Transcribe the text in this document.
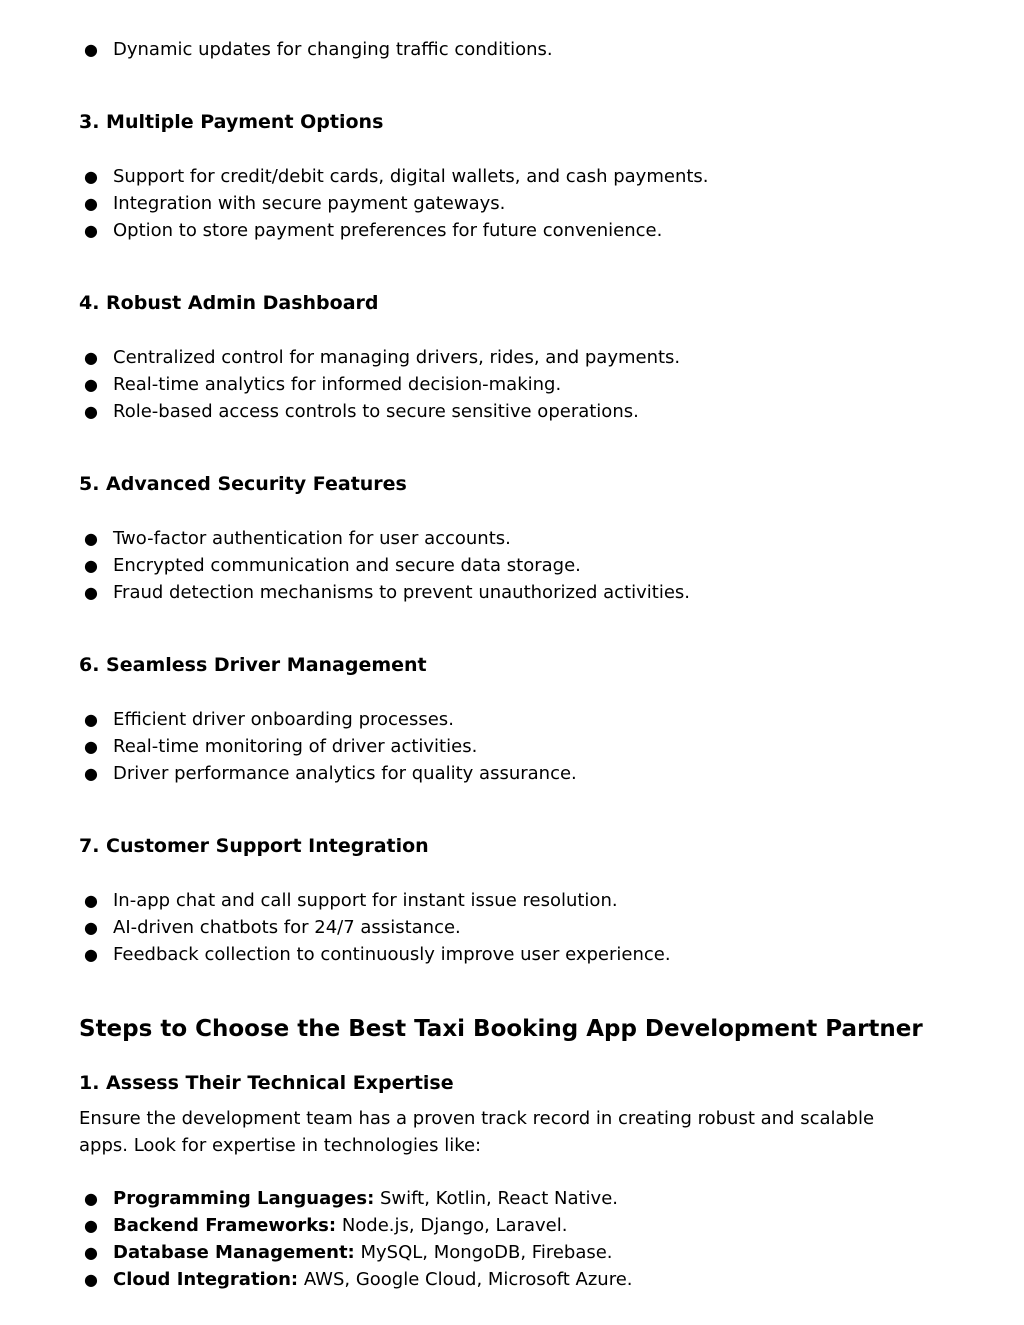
● Dynamic updates for changing traffic conditions.
3. Multiple Payment Options
● Support for credit/debit cards, digital wallets, and cash payments.
● Integration with secure payment gateways.
● Option to store payment preferences for future convenience.
4. Robust Admin Dashboard
● Centralized control for managing drivers, rides, and payments.
● Real-time analytics for informed decision-making.
● Role-based access controls to secure sensitive operations.
5. Advanced Security Features
● Two-factor authentication for user accounts.
● Encrypted communication and secure data storage.
● Fraud detection mechanisms to prevent unauthorized activities.
6. Seamless Driver Management
● Efficient driver onboarding processes.
● Real-time monitoring of driver activities.
● Driver performance analytics for quality assurance.
7. Customer Support Integration
● In-app chat and call support for instant issue resolution.
● AI-driven chatbots for 24/7 assistance.
● Feedback collection to continuously improve user experience.
Steps to Choose the Best Taxi Booking App Development Partner
1. Assess Their Technical Expertise
Ensure the development team has a proven track record in creating robust and scalable
apps. Look for expertise in technologies like:
● Programming Languages: Swift, Kotlin, React Native.
● Backend Frameworks: Node.js, Django, Laravel.
● Database Management: MySQL, MongoDB, Firebase.
● Cloud Integration: AWS, Google Cloud, Microsoft Azure.
